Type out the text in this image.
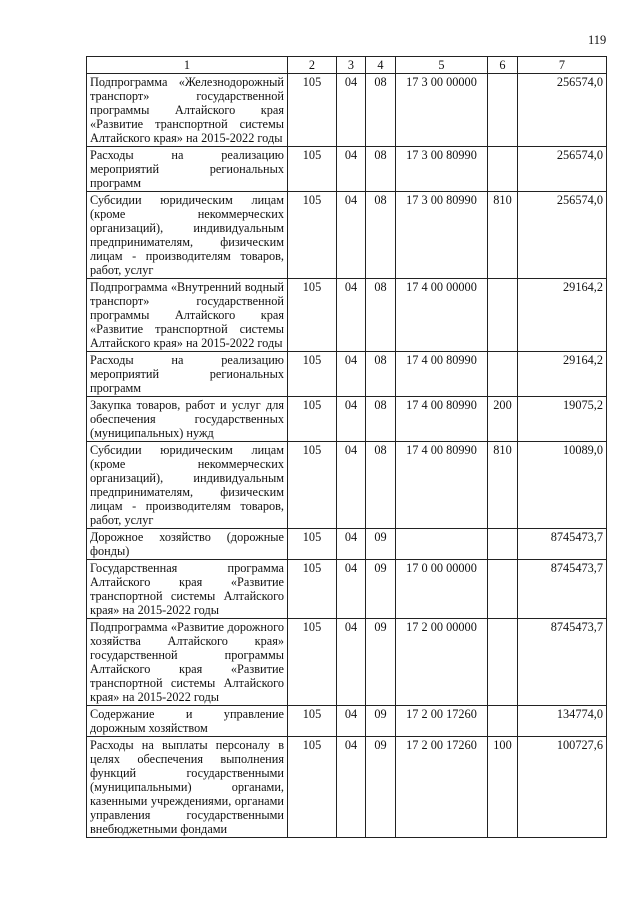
119
1	2	3	4	5	6	7
Подпрограмма «Железнодорожный транспорт» государственной программы Алтайского края «Развитие транспортной системы Алтайского края» на 2015-2022 годы	105	04	08	17 3 00 00000		256574,0
Расходы на реализацию мероприятий региональных программ	105	04	08	17 3 00 80990		256574,0
Субсидии юридическим лицам (кроме некоммерческих организаций), индивидуальным предпринимателям, физическим лицам - производителям товаров, работ, услуг	105	04	08	17 3 00 80990	810	256574,0
Подпрограмма «Внутренний водный транспорт» государственной программы Алтайского края «Развитие транспортной системы Алтайского края» на 2015-2022 годы	105	04	08	17 4 00 00000		29164,2
Расходы на реализацию мероприятий региональных программ	105	04	08	17 4 00 80990		29164,2
Закупка товаров, работ и услуг для обеспечения государственных (муниципальных) нужд	105	04	08	17 4 00 80990	200	19075,2
Субсидии юридическим лицам (кроме некоммерческих организаций), индивидуальным предпринимателям, физическим лицам - производителям товаров, работ, услуг	105	04	08	17 4 00 80990	810	10089,0
Дорожное хозяйство (дорожные фонды)	105	04	09			8745473,7
Государственная программа Алтайского края «Развитие транспортной системы Алтайского края» на 2015-2022 годы	105	04	09	17 0 00 00000		8745473,7
Подпрограмма «Развитие дорожного хозяйства Алтайского края» государственной программы Алтайского края «Развитие транспортной системы Алтайского края» на 2015-2022 годы	105	04	09	17 2 00 00000		8745473,7
Содержание и управление дорожным хозяйством	105	04	09	17 2 00 17260		134774,0
Расходы на выплаты персоналу в целях обеспечения выполнения функций государственными (муниципальными) органами, казенными учреждениями, органами управления государственными внебюджетными фондами	105	04	09	17 2 00 17260	100	100727,6
